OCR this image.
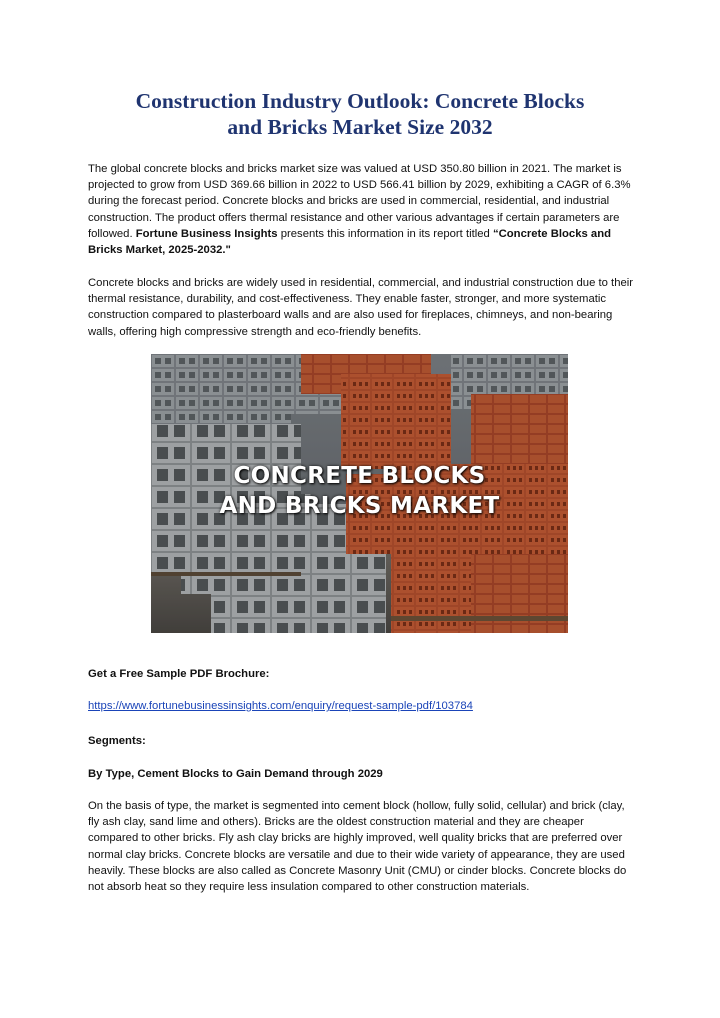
Construction Industry Outlook: Concrete Blocks
and Bricks Market Size 2032

The global concrete blocks and bricks market size was valued at USD 350.80 billion in 2021. The market is projected to grow from USD 369.66 billion in 2022 to USD 566.41 billion by 2029, exhibiting a CAGR of 6.3% during the forecast period. Concrete blocks and bricks are used in commercial, residential, and industrial construction. The product offers thermal resistance and other various advantages if certain parameters are followed. Fortune Business Insights presents this information in its report titled “Concrete Blocks and Bricks Market, 2025-2032."

Concrete blocks and bricks are widely used in residential, commercial, and industrial construction due to their thermal resistance, durability, and cost-effectiveness. They enable faster, stronger, and more systematic construction compared to plasterboard walls and are also used for fireplaces, chimneys, and non-bearing walls, offering high compressive strength and eco-friendly benefits.

CONCRETE BLOCKS
AND BRICKS MARKET

Get a Free Sample PDF Brochure:

https://www.fortunebusinessinsights.com/enquiry/request-sample-pdf/103784

Segments:

By Type, Cement Blocks to Gain Demand through 2029

On the basis of type, the market is segmented into cement block (hollow, fully solid, cellular) and brick (clay, fly ash clay, sand lime and others). Bricks are the oldest construction material and they are cheaper compared to other bricks. Fly ash clay bricks are highly improved, well quality bricks that are preferred over normal clay bricks. Concrete blocks are versatile and due to their wide variety of appearance, they are used heavily. These blocks are also called as Concrete Masonry Unit (CMU) or cinder blocks. Concrete blocks do not absorb heat so they require less insulation compared to other construction materials.
